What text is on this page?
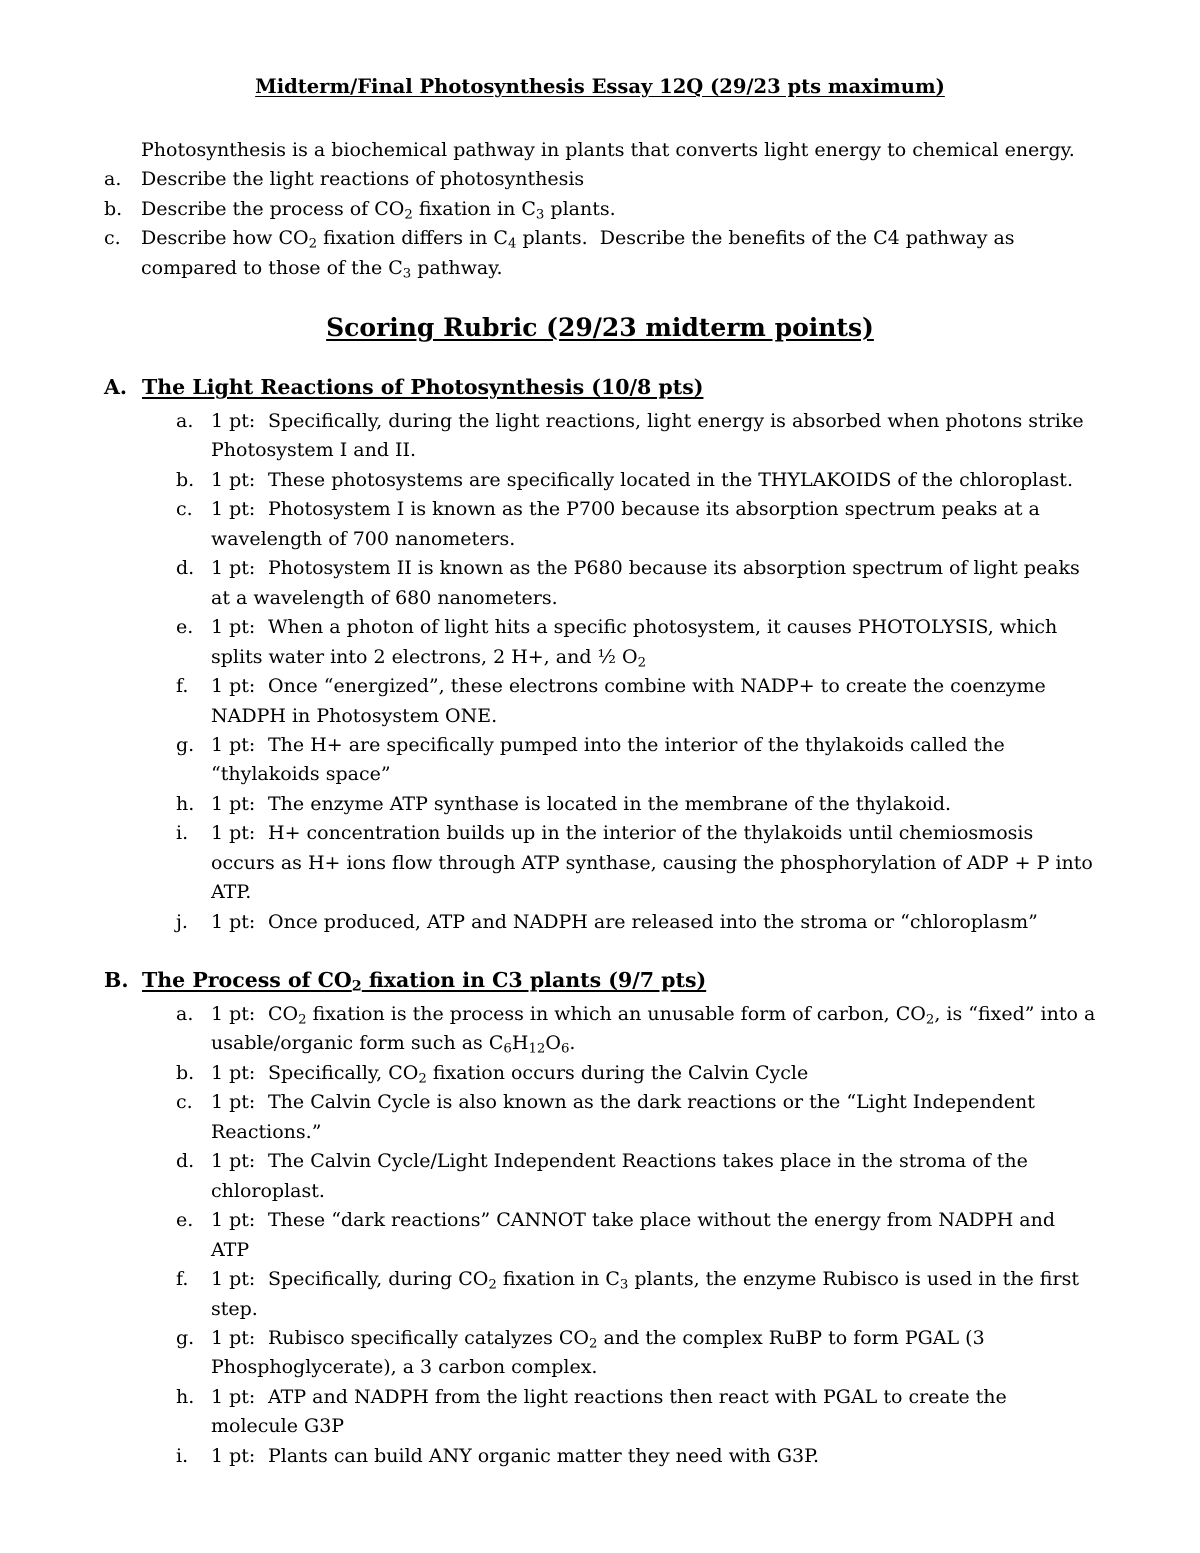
Midterm/Final Photosynthesis Essay 12Q (29/23 pts maximum)
Photosynthesis is a biochemical pathway in plants that converts light energy to chemical energy.
a. Describe the light reactions of photosynthesis
b. Describe the process of $CO_2$ fixation in $C_3$ plants.
c. Describe how $CO_2$ fixation differs in $C_4$ plants.  Describe the benefits of the C4 pathway as
compared to those of the $C_3$ pathway.
Scoring Rubric (29/23 midterm points)
A. The Light Reactions of Photosynthesis (10/8 pts)
a. 1 pt: Specifically, during the light reactions, light energy is absorbed when photons strike
Photosystem I and II.
b. 1 pt: These photosystems are specifically located in the THYLAKOIDS of the chloroplast.
c. 1 pt: Photosystem I is known as the P700 because its absorption spectrum peaks at a
wavelength of 700 nanometers.
d. 1 pt: Photosystem II is known as the P680 because its absorption spectrum of light peaks
at a wavelength of 680 nanometers.
e. 1 pt: When a photon of light hits a specific photosystem, it causes PHOTOLYSIS, which
splits water into 2 electrons, 2 H+, and ½ $O_2$
f. 1 pt: Once “energized”, these electrons combine with NADP+ to create the coenzyme
NADPH in Photosystem ONE.
g. 1 pt: The H+ are specifically pumped into the interior of the thylakoids called the
“thylakoids space”
h. 1 pt: The enzyme ATP synthase is located in the membrane of the thylakoid.
i. 1 pt: H+ concentration builds up in the interior of the thylakoids until chemiosmosis
occurs as H+ ions flow through ATP synthase, causing the phosphorylation of ADP + P into
ATP.
j. 1 pt: Once produced, ATP and NADPH are released into the stroma or “chloroplasm”
B. The Process of $CO_2$ fixation in C3 plants (9/7 pts)
a. 1 pt: $CO_2$ fixation is the process in which an unusable form of carbon, $CO_2$, is “fixed” into a
usable/organic form such as $C_6H_{12}O_6$.
b. 1 pt: Specifically, $CO_2$ fixation occurs during the Calvin Cycle
c. 1 pt: The Calvin Cycle is also known as the dark reactions or the “Light Independent
Reactions.”
d. 1 pt: The Calvin Cycle/Light Independent Reactions takes place in the stroma of the
chloroplast.
e. 1 pt: These “dark reactions” CANNOT take place without the energy from NADPH and
ATP
f. 1 pt: Specifically, during $CO_2$ fixation in $C_3$ plants, the enzyme Rubisco is used in the first
step.
g. 1 pt: Rubisco specifically catalyzes $CO_2$ and the complex RuBP to form PGAL (3
Phosphoglycerate), a 3 carbon complex.
h. 1 pt: ATP and NADPH from the light reactions then react with PGAL to create the
molecule G3P
i. 1 pt: Plants can build ANY organic matter they need with G3P.
